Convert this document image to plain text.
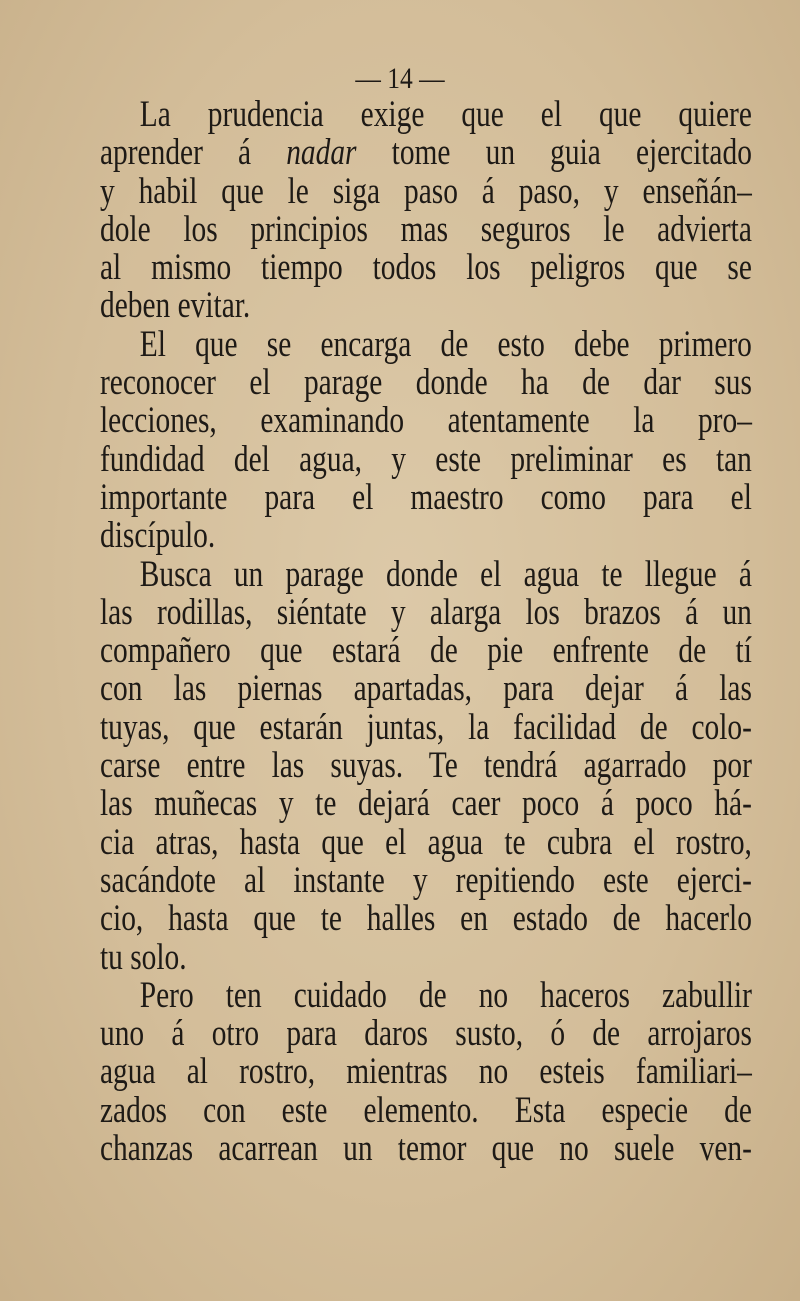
— 14 —
La prudencia exige que el que quiere
aprender á nadar tome un guia ejercitado
y habil que le siga paso á paso, y enseñán–
dole los principios mas seguros le advierta
al mismo tiempo todos los peligros que se
deben evitar.
El que se encarga de esto debe primero
reconocer el parage donde ha de dar sus
lecciones, examinando atentamente la pro–
fundidad del agua, y este preliminar es tan
importante para el maestro como para el
discípulo.
Busca un parage donde el agua te llegue á
las rodillas, siéntate y alarga los brazos á un
compañero que estará de pie enfrente de tí
con las piernas apartadas, para dejar á las
tuyas, que estarán juntas, la facilidad de colo-
carse entre las suyas. Te tendrá agarrado por
las muñecas y te dejará caer poco á poco há-
cia atras, hasta que el agua te cubra el rostro,
sacándote al instante y repitiendo este ejerci-
cio, hasta que te halles en estado de hacerlo
tu solo.
Pero ten cuidado de no haceros zabullir
uno á otro para daros susto, ó de arrojaros
agua al rostro, mientras no esteis familiari–
zados con este elemento. Esta especie de
chanzas acarrean un temor que no suele ven-
